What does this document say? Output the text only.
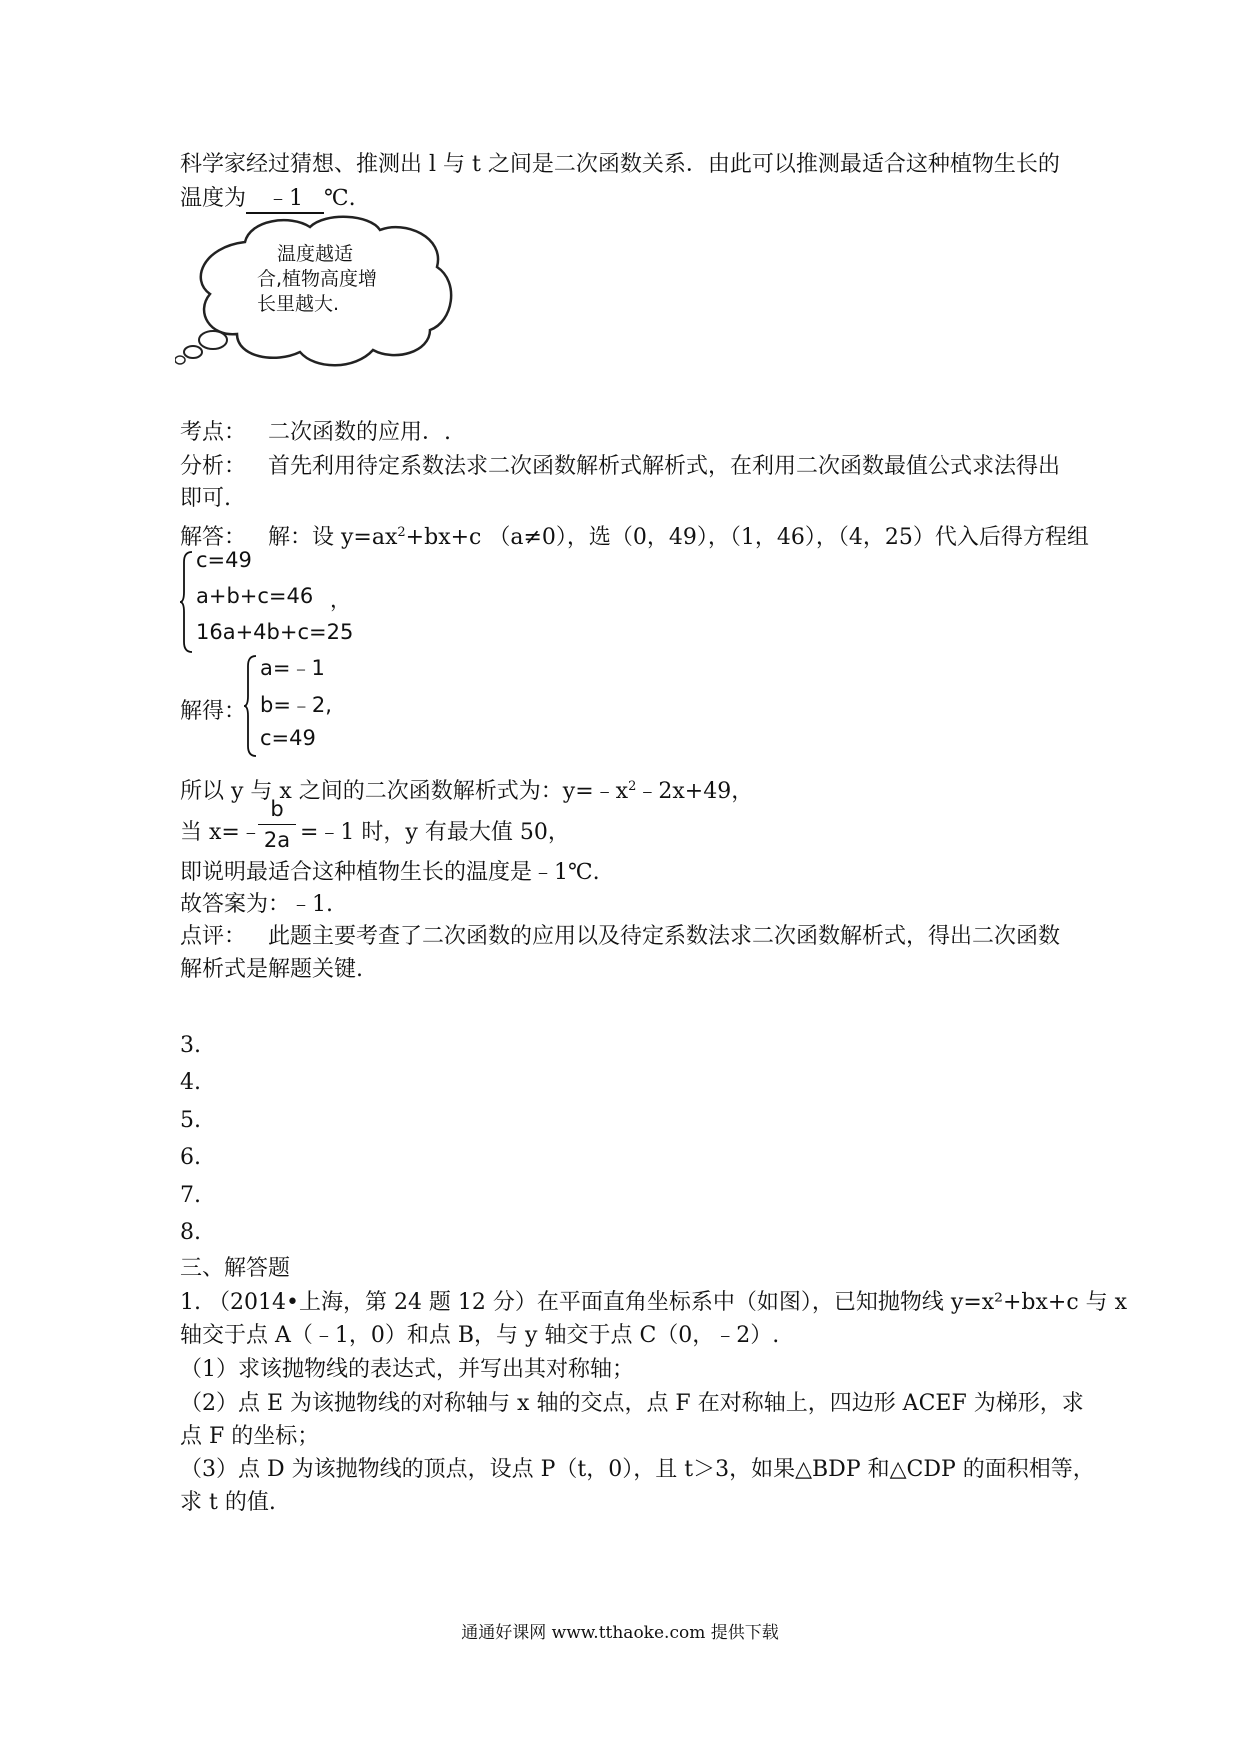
科学家经过猜想、推测出 l 与 t 之间是二次函数关系．由此可以推测最适合这种植物生长的
温度为 ﹣1 ℃.
温度越适
合,植物高度增
长里越大.
考点： 二次函数的应用．.
分析： 首先利用待定系数法求二次函数解析式解析式，在利用二次函数最值公式求法得出
即可.
解答： 解：设 $y=ax^2+bx+c$ （a≠0），选（0，49），（1，46），（4，25）代入后得方程组
c=49
a+b+c=46
16a+4b+c=25
，
解得：
a=﹣1
b=﹣2,
c=49
所以 y 与 x 之间的二次函数解析式为：$y=﹣x^2﹣2x+49$，
当 x=﹣
b
2a =﹣1 时，y 有最大值 50，
即说明最适合这种植物生长的温度是﹣1℃.
故答案为：﹣1.
点评： 此题主要考查了二次函数的应用以及待定系数法求二次函数解析式，得出二次函数
解析式是解题关键.
3.
4.
5.
6.
7.
8.
三、解答题
1. （2014•上海，第 24 题 12 分）在平面直角坐标系中（如图），已知抛物线 y=x²+bx+c 与 x
轴交于点 A（﹣1，0）和点 B，与 y 轴交于点 C（0，﹣2）.
（1）求该抛物线的表达式，并写出其对称轴；
（2）点 E 为该抛物线的对称轴与 x 轴的交点，点 F 在对称轴上，四边形 ACEF 为梯形，求
点 F 的坐标；
（3）点 D 为该抛物线的顶点，设点 P（t，0），且 t＞3，如果△BDP 和△CDP 的面积相等，
求 t 的值.
通通好课网 www.tthaoke.com 提供下载
